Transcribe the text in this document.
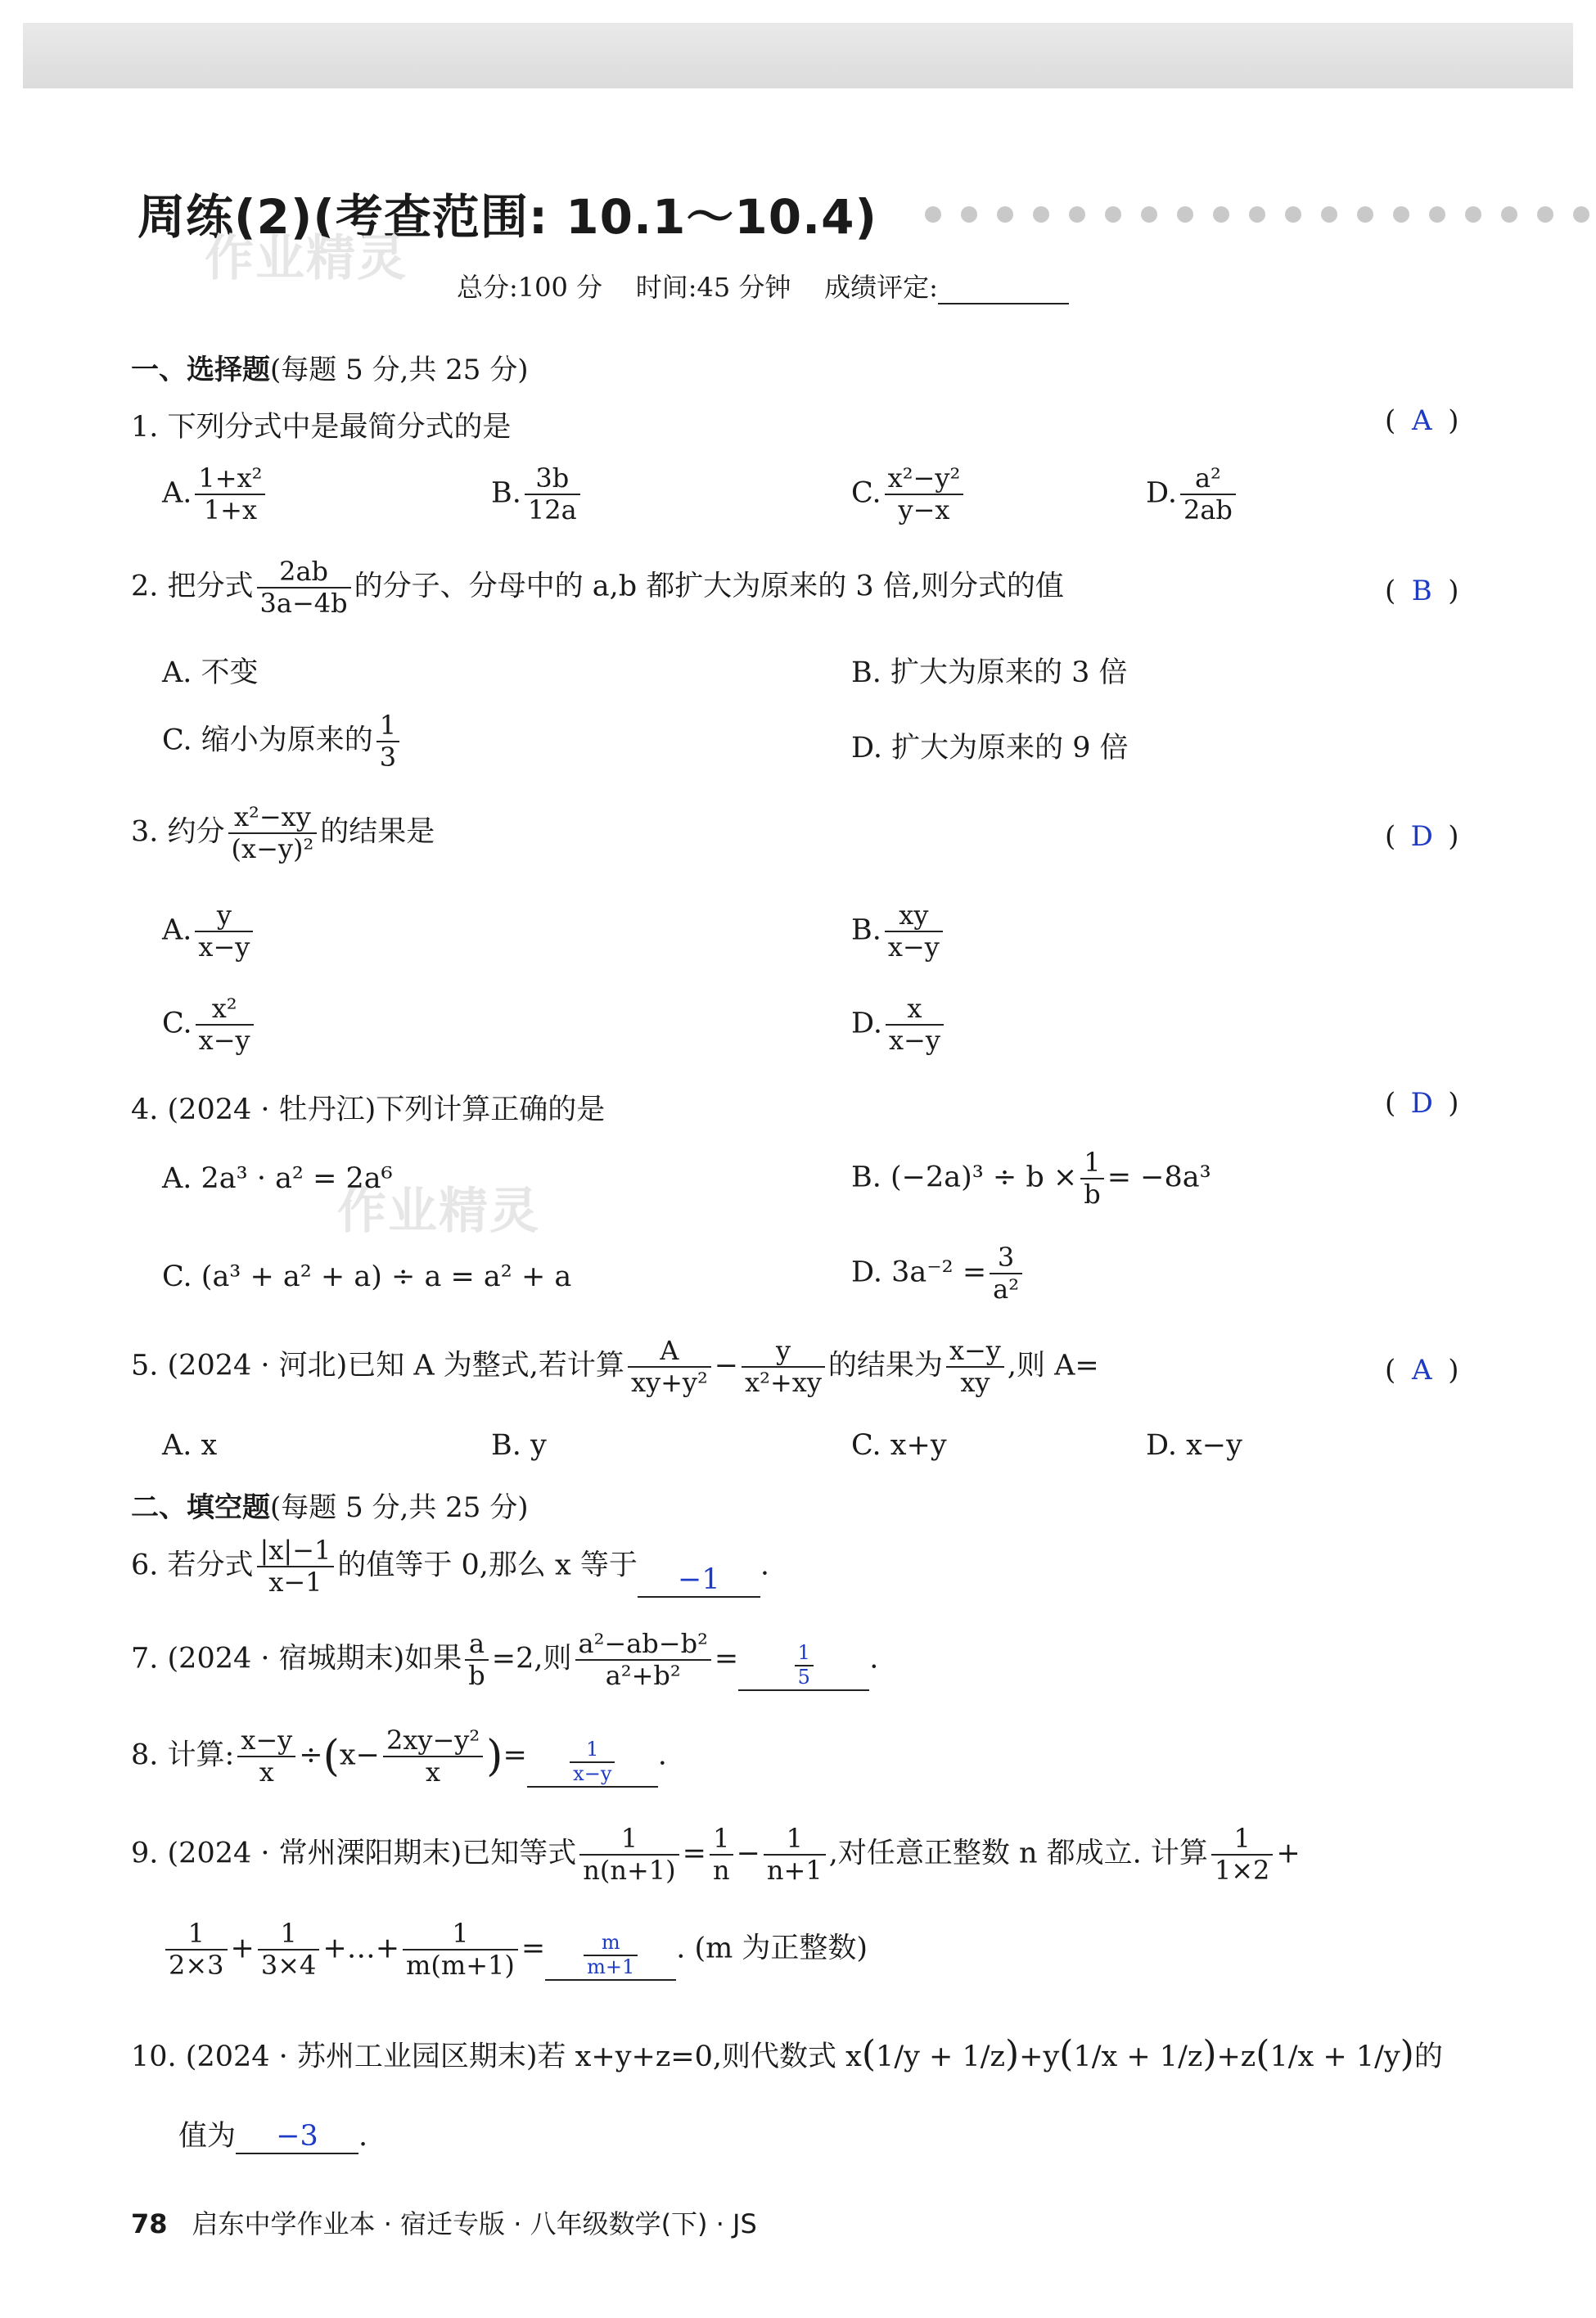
周练(2)(考查范围: 10.1～10.4)
作业精灵
作业精灵
总分:100 分 时间:45 分钟 成绩评定:
一、选择题(每题 5 分,共 25 分)
1. 下列分式中是最简分式的是	( A )
A. $\frac{\text{1+x²}}{1+x}$	B. $\frac{3b}{12a}$	C. $\frac{\text{x²−y²}}{y-x}$	D. $\frac{\text{a²}}{2ab}$
2. 把分式 $\frac{2ab}{3a-4b}$ 的分子、分母中的 a,b 都扩大为原来的 3 倍,则分式的值	( B )
A. 不变	B. 扩大为原来的 3 倍
C. 缩小为原来的 $\frac{1}{3}$	D. 扩大为原来的 9 倍
3. 约分 $\frac{\text{x²−xy}}{\text{(x−y)²}}$ 的结果是	( D )
A. $\frac{y}{x-y}$	B. $\frac{xy}{x-y}$
C. $\frac{\text{x²}}{x-y}$	D. $\frac{x}{x-y}$
4. (2024 · 牡丹江)下列计算正确的是	( D )
A. 2a³ · a² = 2a⁶	B. $(-2a)^3 \div b \times \frac{1}{b} = -8a^3$
C. (a³ + a² + a) ÷ a = a² + a	D. $3a^{-2} = \frac{3}{\text{a²}}$
5. (2024 · 河北)已知 A 为整式,若计算 $\frac{A}{\text{xy+y²}} - \frac{y}{\text{x²+xy}}$ 的结果为 $\frac{x-y}{xy}$ ,则 A=	( A )
A. x	B. y	C. x+y	D. x−y
二、填空题(每题 5 分,共 25 分)
6. 若分式 $\frac{|x|-1}{x-1}$ 的值等于 0,那么 x 等于 −1 .
7. (2024 · 宿城期末)如果 $\frac{a}{b} =2$,则 $\frac{\text{a²−ab−b²}}{\text{a²+b²}}$ =	$\frac{1}{5}$ .
8. 计算: $\frac{x-y}{x} \div(x- \frac{\text{2xy−y²}}{x}$ )= $\frac{1}{x-y}$ .
9. (2024 · 常州溧阳期末)已知等式 $\frac{1}{n(n+1)} = \frac{1}{n} - \frac{1}{n+1}$ ,对任意正整数 n 都成立. 计算 $\frac{1}{1\times 2}$ +
$\frac{1}{2\times 3} + \frac{1}{3\times 4}$ +…+ $\frac{1}{m(m+1)} = \frac{m}{m+1}$ . (m 为正整数)
10. (2024 · 苏州工业园区期末)若 x+y+z=0,则代数式 x(1/y + 1/z)+y(1/x + 1/z)+z(1/x + 1/y)的
值为 −3 .
78 启东中学作业本 · 宿迁专版 · 八年级数学(下) · JS
